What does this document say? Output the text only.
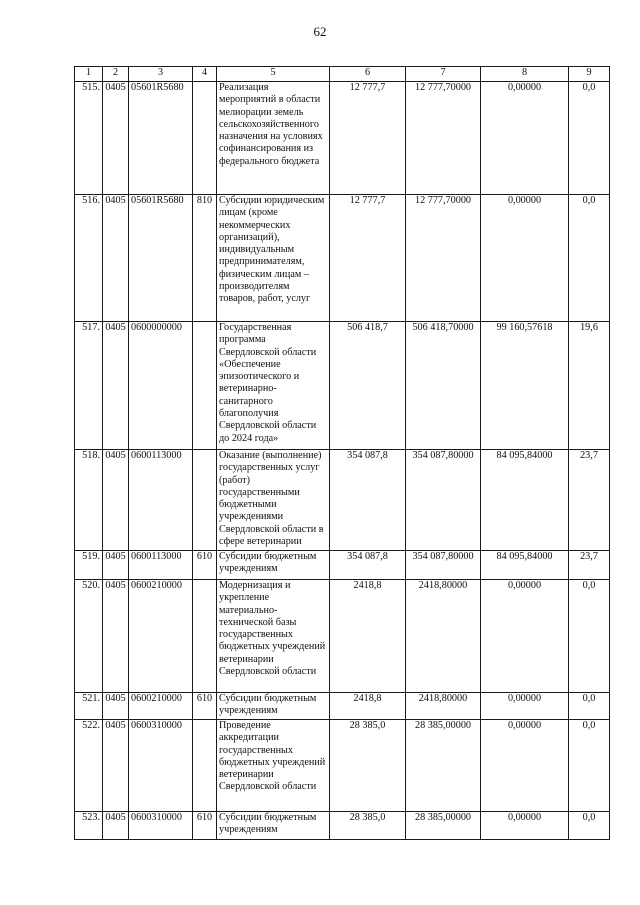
62
1	2	3	4	5	6	7	8	9
515.	0405	05601R5680		Реализация мероприятий в области мелиорации земель сельскохозяйственного назначения на условиях софинансирования из федерального бюджета	12 777,7	12 777,70000	0,00000	0,0
516.	0405	05601R5680	810	Субсидии юридическим лицам (кроме некоммерческих организаций), индивидуальным предпринимателям, физическим лицам – производителям товаров, работ, услуг	12 777,7	12 777,70000	0,00000	0,0
517.	0405	0600000000		Государственная программа Свердловской области «Обеспечение эпизоотического и ветеринарно-санитарного благополучия Свердловской области до 2024 года»	506 418,7	506 418,70000	99 160,57618	19,6
518.	0405	0600113000		Оказание (выполнение) государственных услуг (работ) государственными бюджетными учреждениями Свердловской области в сфере ветеринарии	354 087,8	354 087,80000	84 095,84000	23,7
519.	0405	0600113000	610	Субсидии бюджетным учреждениям	354 087,8	354 087,80000	84 095,84000	23,7
520.	0405	0600210000		Модернизация и укрепление материально-технической базы государственных бюджетных учреждений ветеринарии Свердловской области	2418,8	2418,80000	0,00000	0,0
521.	0405	0600210000	610	Субсидии бюджетным учреждениям	2418,8	2418,80000	0,00000	0,0
522.	0405	0600310000		Проведение аккредитации государственных бюджетных учреждений ветеринарии Свердловской области	28 385,0	28 385,00000	0,00000	0,0
523.	0405	0600310000	610	Субсидии бюджетным учреждениям	28 385,0	28 385,00000	0,00000	0,0
